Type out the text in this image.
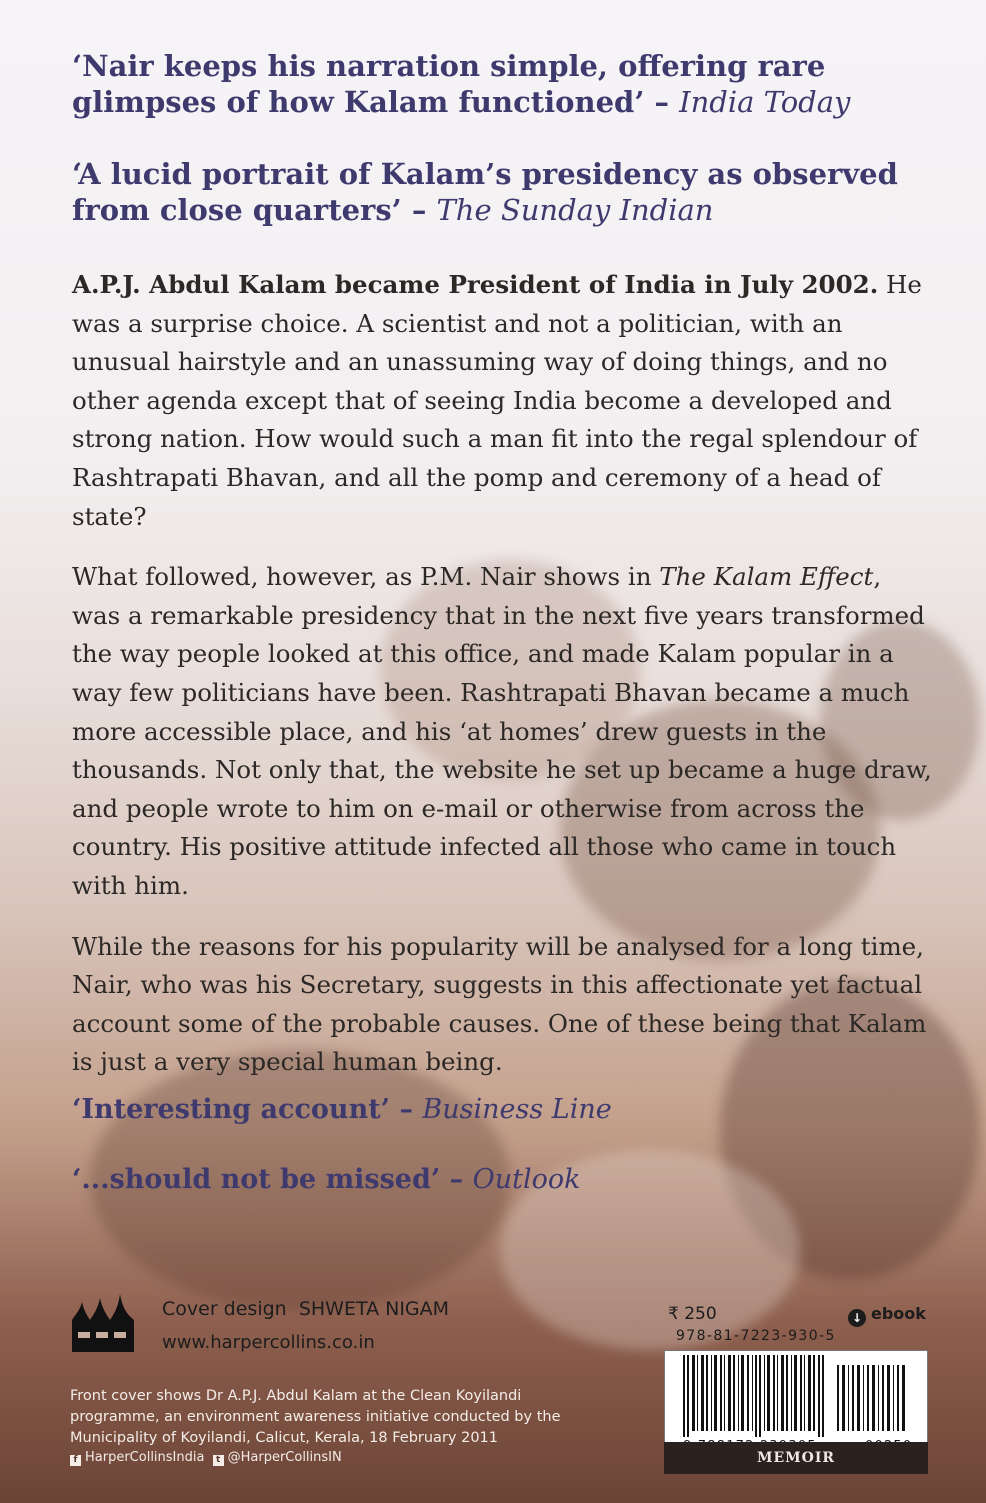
‘Nair keeps his narration simple, offering rare glimpses of how Kalam functioned’ – India Today
‘A lucid portrait of Kalam’s presidency as observed from close quarters’ – The Sunday Indian

A.P.J. Abdul Kalam became President of India in July 2002. He was a surprise choice. A scientist and not a politician, with an unusual hairstyle and an unassuming way of doing things, and no other agenda except that of seeing India become a developed and strong nation. How would such a man fit into the regal splendour of Rashtrapati Bhavan, and all the pomp and ceremony of a head of state?

What followed, however, as P.M. Nair shows in The Kalam Effect, was a remarkable presidency that in the next five years transformed the way people looked at this office, and made Kalam popular in a way few politicians have been. Rashtrapati Bhavan became a much more accessible place, and his ‘at homes’ drew guests in the thousands. Not only that, the website he set up became a huge draw, and people wrote to him on e-mail or otherwise from across the country. His positive attitude infected all those who came in touch with him.

While the reasons for his popularity will be analysed for a long time, Nair, who was his Secretary, suggests in this affectionate yet factual account some of the probable causes. One of these being that Kalam is just a very special human being.

‘Interesting account’ – Business Line
‘...should not be missed’ – Outlook
Cover design SHWETA NIGAM
www.harpercollins.co.in
Front cover shows Dr A.P.J. Abdul Kalam at the Clean Koyilandi programme, an environment awareness initiative conducted by the Municipality of Koyilandi, Calicut, Kerala, 18 February 2011
f HarperCollinsIndia t @HarperCollinsIN
₹ 250	↓ ebook
978-81-7223-930-5
MEMOIR
